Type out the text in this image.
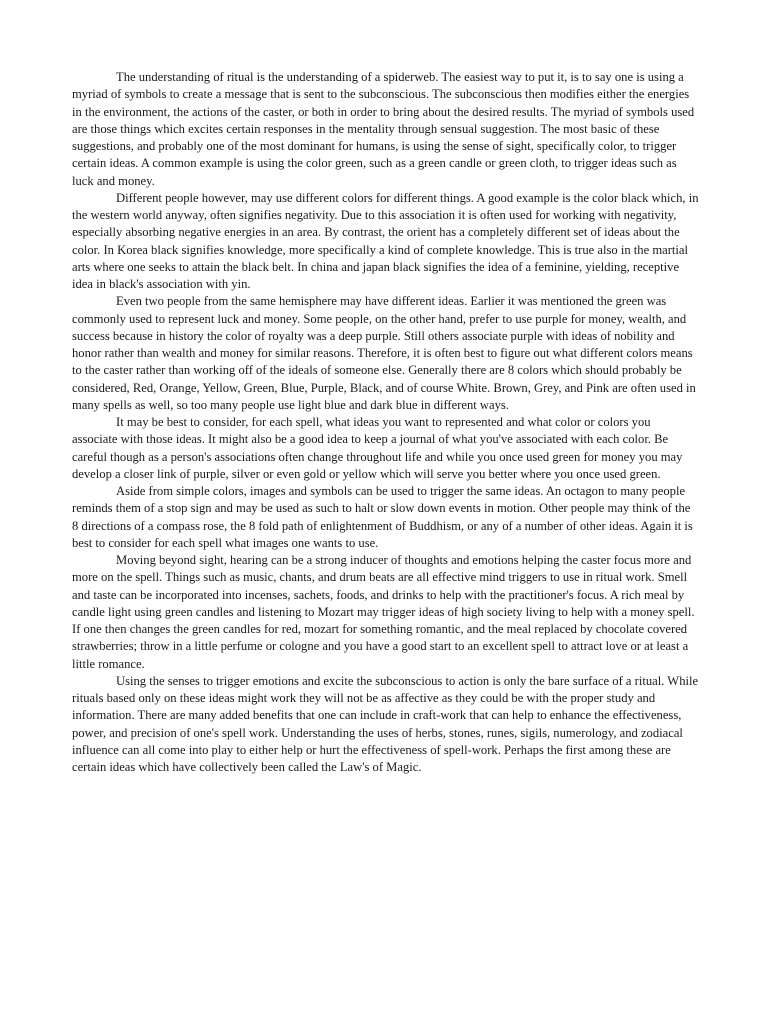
The understanding of ritual is the understanding of a spiderweb. The easiest way to put it, is to say one is using a myriad of symbols to create a message that is sent to the subconscious. The subconscious then modifies either the energies in the environment, the actions of the caster, or both in order to bring about the desired results. The myriad of symbols used are those things which excites certain responses in the mentality through sensual suggestion. The most basic of these suggestions, and probably one of the most dominant for humans, is using the sense of sight, specifically color, to trigger certain ideas. A common example is using the color green, such as a green candle or green cloth, to trigger ideas such as luck and money.

Different people however, may use different colors for different things. A good example is the color black which, in the western world anyway, often signifies negativity. Due to this association it is often used for working with negativity, especially absorbing negative energies in an area. By contrast, the orient has a completely different set of ideas about the color. In Korea black signifies knowledge, more specifically a kind of complete knowledge. This is true also in the martial arts where one seeks to attain the black belt. In china and japan black signifies the idea of a feminine, yielding, receptive idea in black's association with yin.

Even two people from the same hemisphere may have different ideas. Earlier it was mentioned the green was commonly used to represent luck and money. Some people, on the other hand, prefer to use purple for money, wealth, and success because in history the color of royalty was a deep purple. Still others associate purple with ideas of nobility and honor rather than wealth and money for similar reasons. Therefore, it is often best to figure out what different colors means to the caster rather than working off of the ideals of someone else. Generally there are 8 colors which should probably be considered, Red, Orange, Yellow, Green, Blue, Purple, Black, and of course White. Brown, Grey, and Pink are often used in many spells as well, so too many people use light blue and dark blue in different ways.

It may be best to consider, for each spell, what ideas you want to represented and what color or colors you associate with those ideas. It might also be a good idea to keep a journal of what you've associated with each color. Be careful though as a person's associations often change throughout life and while you once used green for money you may develop a closer link of purple, silver or even gold or yellow which will serve you better where you once used green.

Aside from simple colors, images and symbols can be used to trigger the same ideas. An octagon to many people reminds them of a stop sign and may be used as such to halt or slow down events in motion. Other people may think of the 8 directions of a compass rose, the 8 fold path of enlightenment of Buddhism, or any of a number of other ideas. Again it is best to consider for each spell what images one wants to use.

Moving beyond sight, hearing can be a strong inducer of thoughts and emotions helping the caster focus more and more on the spell. Things such as music, chants, and drum beats are all effective mind triggers to use in ritual work. Smell and taste can be incorporated into incenses, sachets, foods, and drinks to help with the practitioner's focus. A rich meal by candle light using green candles and listening to Mozart may trigger ideas of high society living to help with a money spell. If one then changes the green candles for red, mozart for something romantic, and the meal replaced by chocolate covered strawberries; throw in a little perfume or cologne and you have a good start to an excellent spell to attract love or at least a little romance.

Using the senses to trigger emotions and excite the subconscious to action is only the bare surface of a ritual. While rituals based only on these ideas might work they will not be as affective as they could be with the proper study and information. There are many added benefits that one can include in craft-work that can help to enhance the effectiveness, power, and precision of one's spell work. Understanding the uses of herbs, stones, runes, sigils, numerology, and zodiacal influence can all come into play to either help or hurt the effectiveness of spell-work. Perhaps the first among these are certain ideas which have collectively been called the Law's of Magic.
